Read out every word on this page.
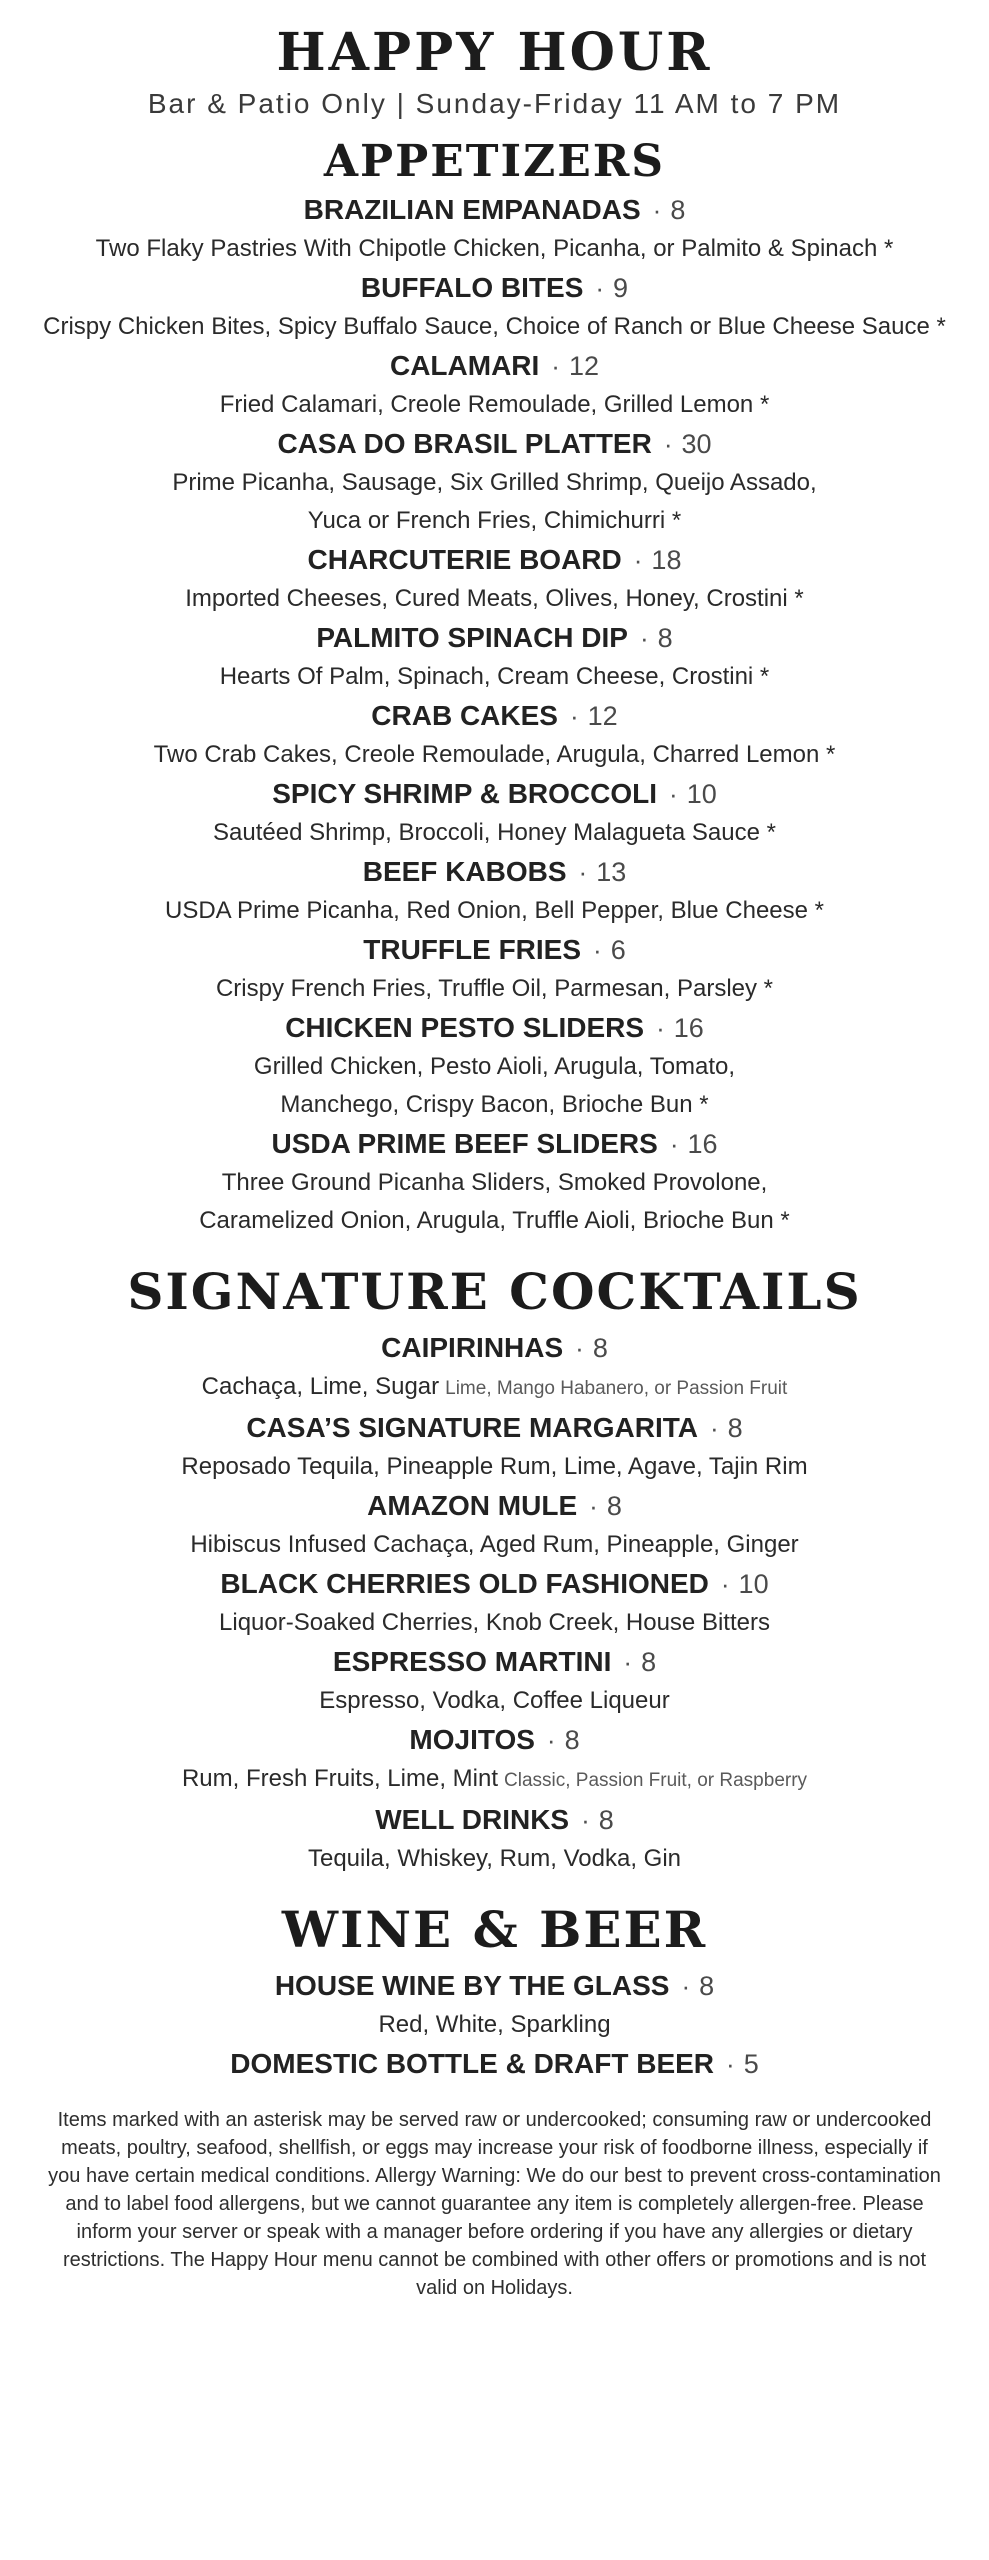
HAPPY HOUR
Bar & Patio Only | Sunday-Friday 11 AM to 7 PM
APPETIZERS
BRAZILIAN EMPANADAS · 8
Two Flaky Pastries With Chipotle Chicken, Picanha, or Palmito & Spinach *
BUFFALO BITES · 9
Crispy Chicken Bites, Spicy Buffalo Sauce, Choice of Ranch or Blue Cheese Sauce *
CALAMARI · 12
Fried Calamari, Creole Remoulade, Grilled Lemon *
CASA DO BRASIL PLATTER · 30
Prime Picanha, Sausage, Six Grilled Shrimp, Queijo Assado,
Yuca or French Fries, Chimichurri *
CHARCUTERIE BOARD · 18
Imported Cheeses, Cured Meats, Olives, Honey, Crostini *
PALMITO SPINACH DIP · 8
Hearts Of Palm, Spinach, Cream Cheese, Crostini *
CRAB CAKES · 12
Two Crab Cakes, Creole Remoulade, Arugula, Charred Lemon *
SPICY SHRIMP & BROCCOLI · 10
Sautéed Shrimp, Broccoli, Honey Malagueta Sauce *
BEEF KABOBS · 13
USDA Prime Picanha, Red Onion, Bell Pepper, Blue Cheese *
TRUFFLE FRIES · 6
Crispy French Fries, Truffle Oil, Parmesan, Parsley *
CHICKEN PESTO SLIDERS · 16
Grilled Chicken, Pesto Aioli, Arugula, Tomato,
Manchego, Crispy Bacon, Brioche Bun *
USDA PRIME BEEF SLIDERS · 16
Three Ground Picanha Sliders, Smoked Provolone,
Caramelized Onion, Arugula, Truffle Aioli, Brioche Bun *
SIGNATURE COCKTAILS
CAIPIRINHAS · 8
Cachaça, Lime, Sugar Lime, Mango Habanero, or Passion Fruit
CASA’S SIGNATURE MARGARITA · 8
Reposado Tequila, Pineapple Rum, Lime, Agave, Tajin Rim
AMAZON MULE · 8
Hibiscus Infused Cachaça, Aged Rum, Pineapple, Ginger
BLACK CHERRIES OLD FASHIONED · 10
Liquor-Soaked Cherries, Knob Creek, House Bitters
ESPRESSO MARTINI · 8
Espresso, Vodka, Coffee Liqueur
MOJITOS · 8
Rum, Fresh Fruits, Lime, Mint Classic, Passion Fruit, or Raspberry
WELL DRINKS · 8
Tequila, Whiskey, Rum, Vodka, Gin
WINE & BEER
HOUSE WINE BY THE GLASS · 8
Red, White, Sparkling
DOMESTIC BOTTLE & DRAFT BEER · 5

Items marked with an asterisk may be served raw or undercooked; consuming raw or undercooked meats, poultry, seafood, shellfish, or eggs may increase your risk of foodborne illness, especially if you have certain medical conditions. Allergy Warning: We do our best to prevent cross-contamination and to label food allergens, but we cannot guarantee any item is completely allergen-free. Please inform your server or speak with a manager before ordering if you have any allergies or dietary restrictions. The Happy Hour menu cannot be combined with other offers or promotions and is not valid on Holidays.
